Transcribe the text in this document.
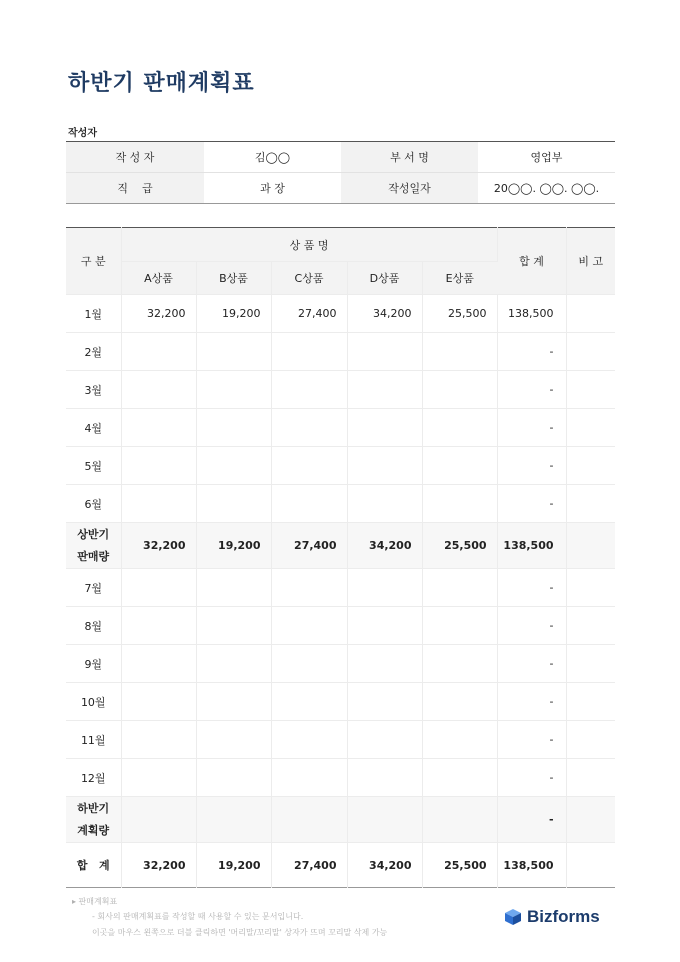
하반기 판매계획표
작성자
작 성 자	김◯◯	부 서 명	영업부
직    급	과 장	작성일자	20◯◯. ◯◯. ◯◯.
구 분	상 품 명					합 계	비 고
	A상품	B상품	C상품	D상품	E상품		
1월	32,200	19,200	27,400	34,200	25,500	138,500	
2월						-	
3월						-	
4월						-	
5월						-	
6월						-	
상반기
판매량	32,200	19,200	27,400	34,200	25,500	138,500	
7월						-	
8월						-	
9월						-	
10월						-	
11월						-	
12월						-	
하반기
계획량						-	
합   계	32,200	19,200	27,400	34,200	25,500	138,500	
▸ 판매계획표
- 회사의 판매계획표를 작성할 때 사용할 수 있는 문서입니다.
이곳을 마우스 왼쪽으로 더블 클릭하면 '머리말/꼬리말' 상자가 뜨며 꼬리말 삭제 가능
Bizforms
